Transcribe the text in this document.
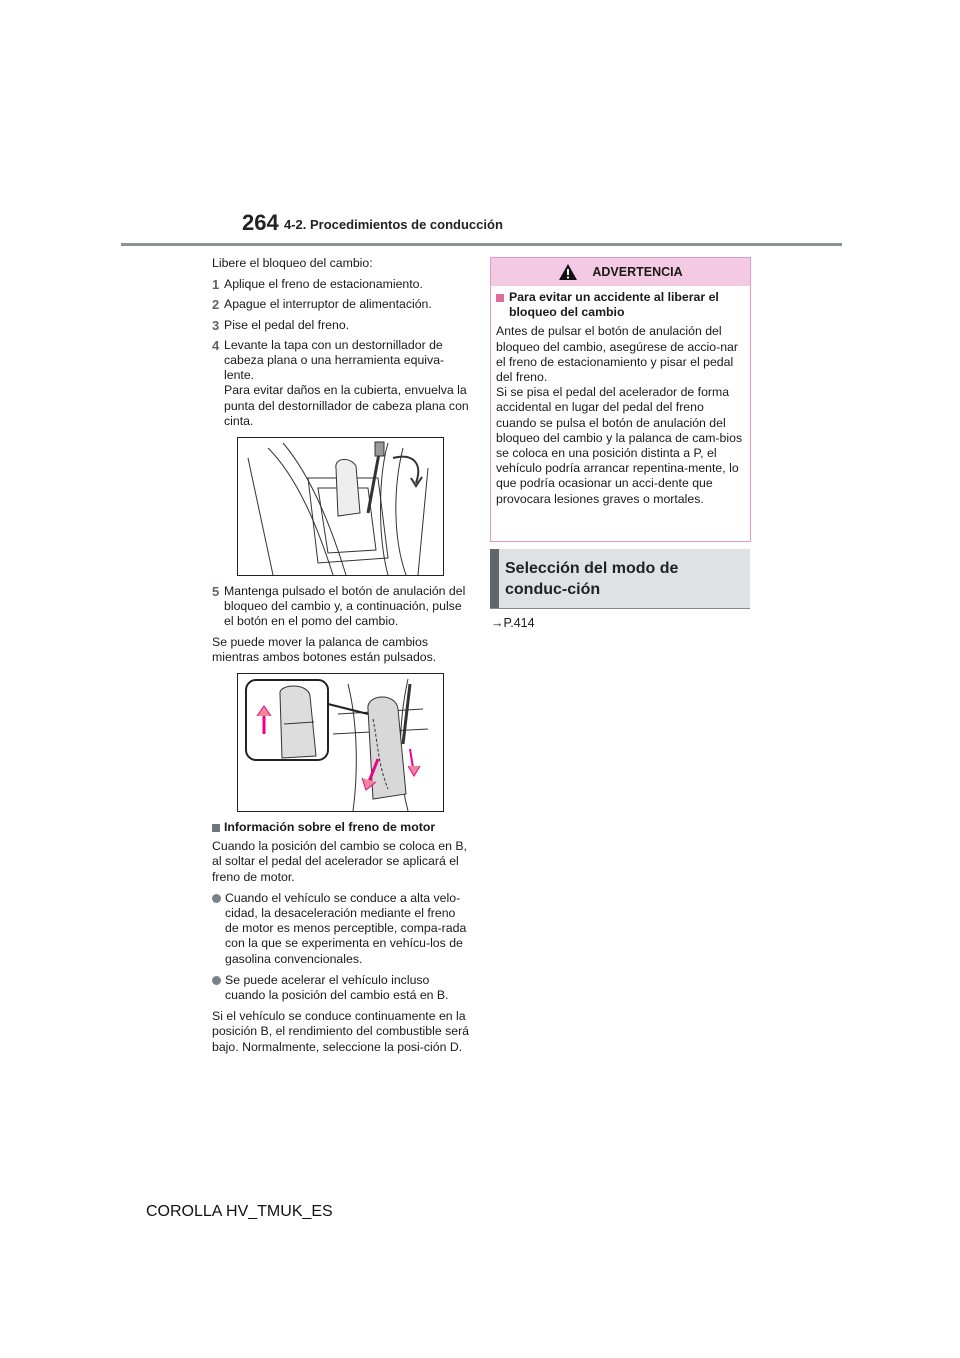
264 4-2. Procedimientos de conducción

Libere el bloqueo del cambio:

1 Aplique el freno de estacionamiento.
2 Apague el interruptor de alimentación.
3 Pise el pedal del freno.
4 Levante la tapa con un destornillador de cabeza plana o una herramienta equiva-lente.
Para evitar daños en la cubierta, envuelva la punta del destornillador de cabeza plana con cinta.
5 Mantenga pulsado el botón de anulación del bloqueo del cambio y, a continuación, pulse el botón en el pomo del cambio.

Se puede mover la palanca de cambios mientras ambos botones están pulsados.

Información sobre el freno de motor

Cuando la posición del cambio se coloca en B, al soltar el pedal del acelerador se aplicará el freno de motor.

Cuando el vehículo se conduce a alta velo-cidad, la desaceleración mediante el freno de motor es menos perceptible, compa-rada con la que se experimenta en vehícu-los de gasolina convencionales.
Se puede acelerar el vehículo incluso cuando la posición del cambio está en B.

Si el vehículo se conduce continuamente en la posición B, el rendimiento del combustible será bajo. Normalmente, seleccione la posi-ción D.

ADVERTENCIA
Para evitar un accidente al liberar el bloqueo del cambio
Antes de pulsar el botón de anulación del bloqueo del cambio, asegúrese de accio-nar el freno de estacionamiento y pisar el pedal del freno.
Si se pisa el pedal del acelerador de forma accidental en lugar del pedal del freno cuando se pulsa el botón de anulación del bloqueo del cambio y la palanca de cam-bios se coloca en una posición distinta a P, el vehículo podría arrancar repentina-mente, lo que podría ocasionar un acci-dente que provocara lesiones graves o mortales.
Selección del modo de conduc-ción
→P.414
COROLLA HV_TMUK_ES
